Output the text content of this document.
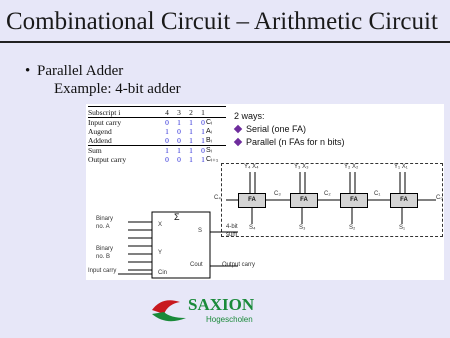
Combinational Circuit – Arithmetic Circuit
• Parallel Adder
Example: 4-bit adder
Subscript i	4	3	2	1
Input carry	0	1	1	0 Cᵢ
Augend	1	0	1	1 Aᵢ
Addend	0	0	1	1 Bᵢ
Sum	1	1	1	0 Sᵢ
Output carry	0	0	1	1 Cᵢ₊₁
2 ways:
Serial (one FA)
Parallel (n FAs for n bits)
FA	FA	FA	FA
Y₄ X₄	Y₃ X₃	Y₂ X₂	Y₁ X₁
C₄
C₃	C₂	C₁
C₀
S₄	S₃	S₂	S₁
Σ
Binary
no. A
Binary
no. B
Input carry
X
Y
S
Cout
Cin
4-bit
sum
Output carry
SAXION
Hogescholen
